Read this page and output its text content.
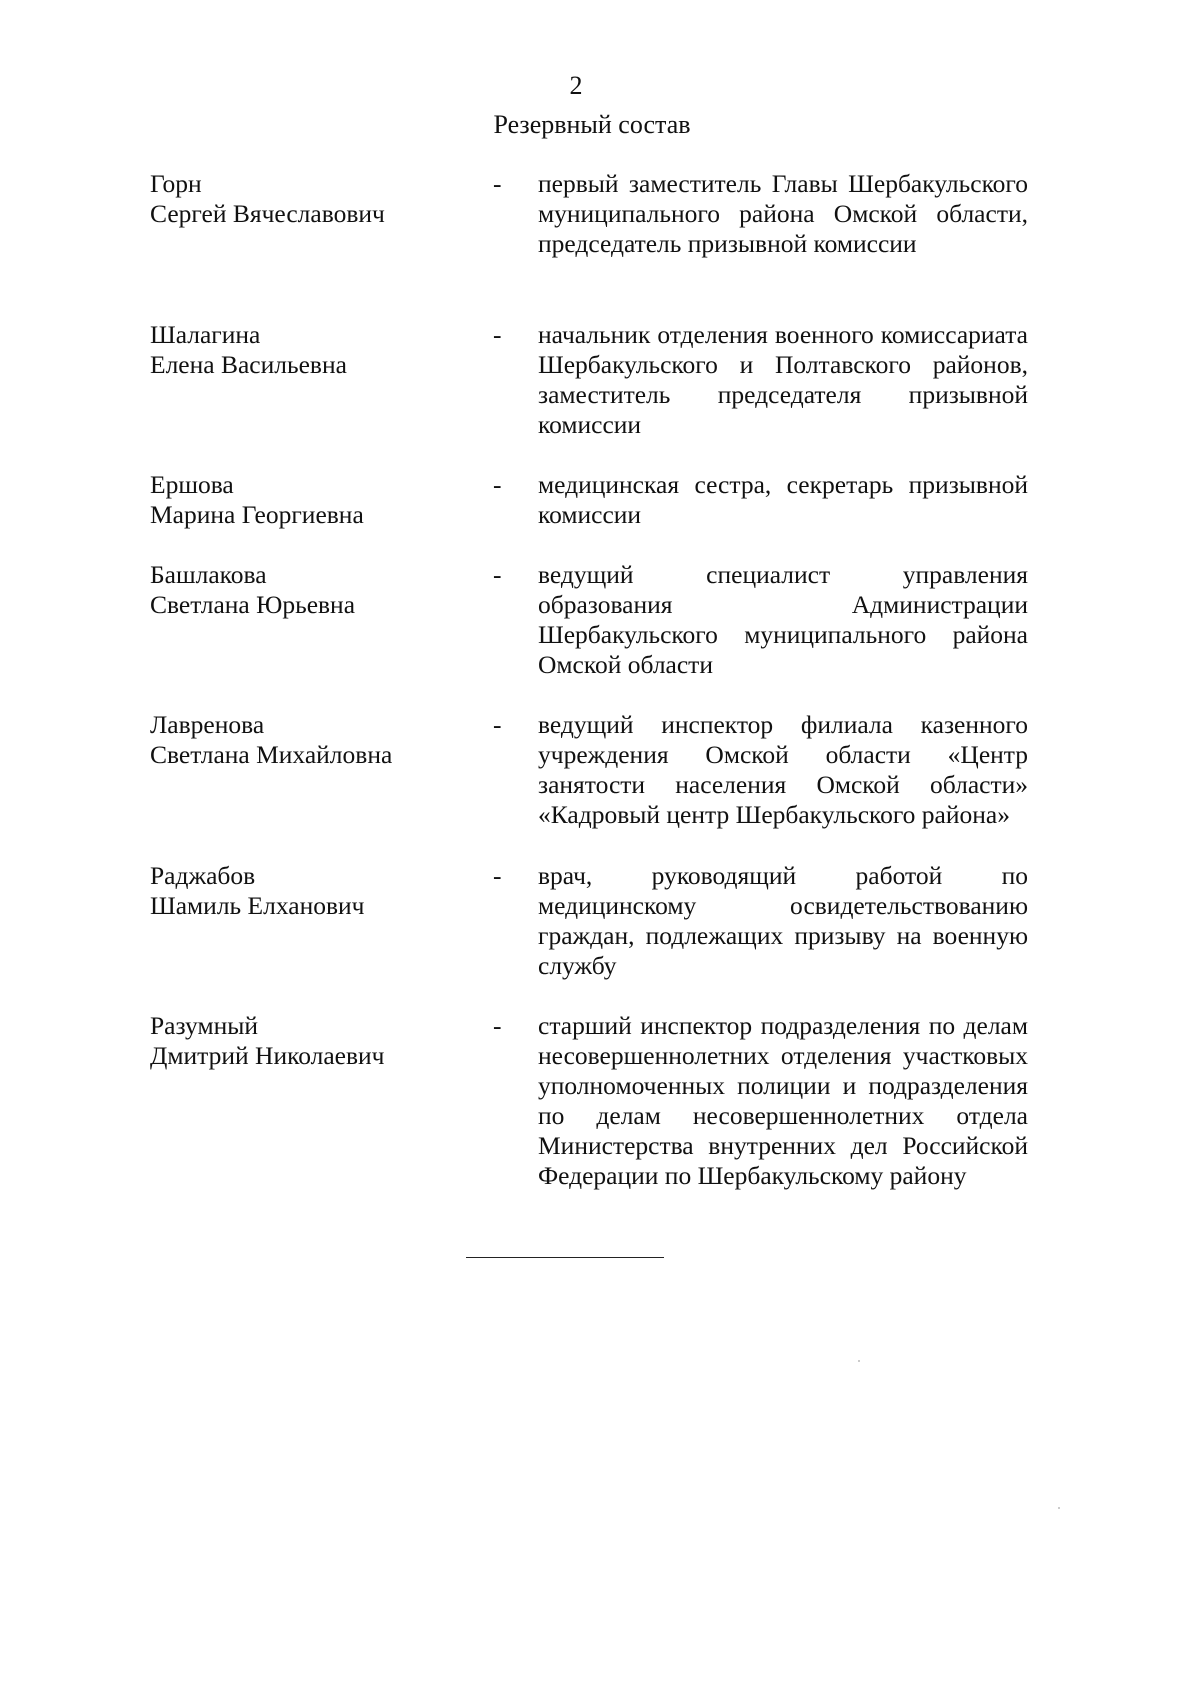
2
Резервный состав
Горн
Сергей Вячеславович
- первый заместитель Главы Шербакульского муниципального района Омской области, председатель призывной комиссии
Шалагина
Елена Васильевна
- начальник отделения военного комиссариата Шербакульского и Полтавского районов, заместитель председателя призывной комиссии
Ершова
Марина Георгиевна
- медицинская сестра, секретарь призывной комиссии
Башлакова
Светлана Юрьевна
- ведущий специалист управления образования Администрации Шербакульского муниципального района Омской области
Лавренова
Светлана Михайловна
- ведущий инспектор филиала казенного учреждения Омской области «Центр занятости населения Омской области» «Кадровый центр Шербакульского района»
Раджабов
Шамиль Елханович
- врач, руководящий работой по медицинскому освидетельствованию граждан, подлежащих призыву на военную службу
Разумный
Дмитрий Николаевич
- старший инспектор подразделения по делам несовершеннолетних отделения участковых уполномоченных полиции и подразделения по делам несовершеннолетних отдела Министерства внутренних дел Российской Федерации по Шербакульскому району
